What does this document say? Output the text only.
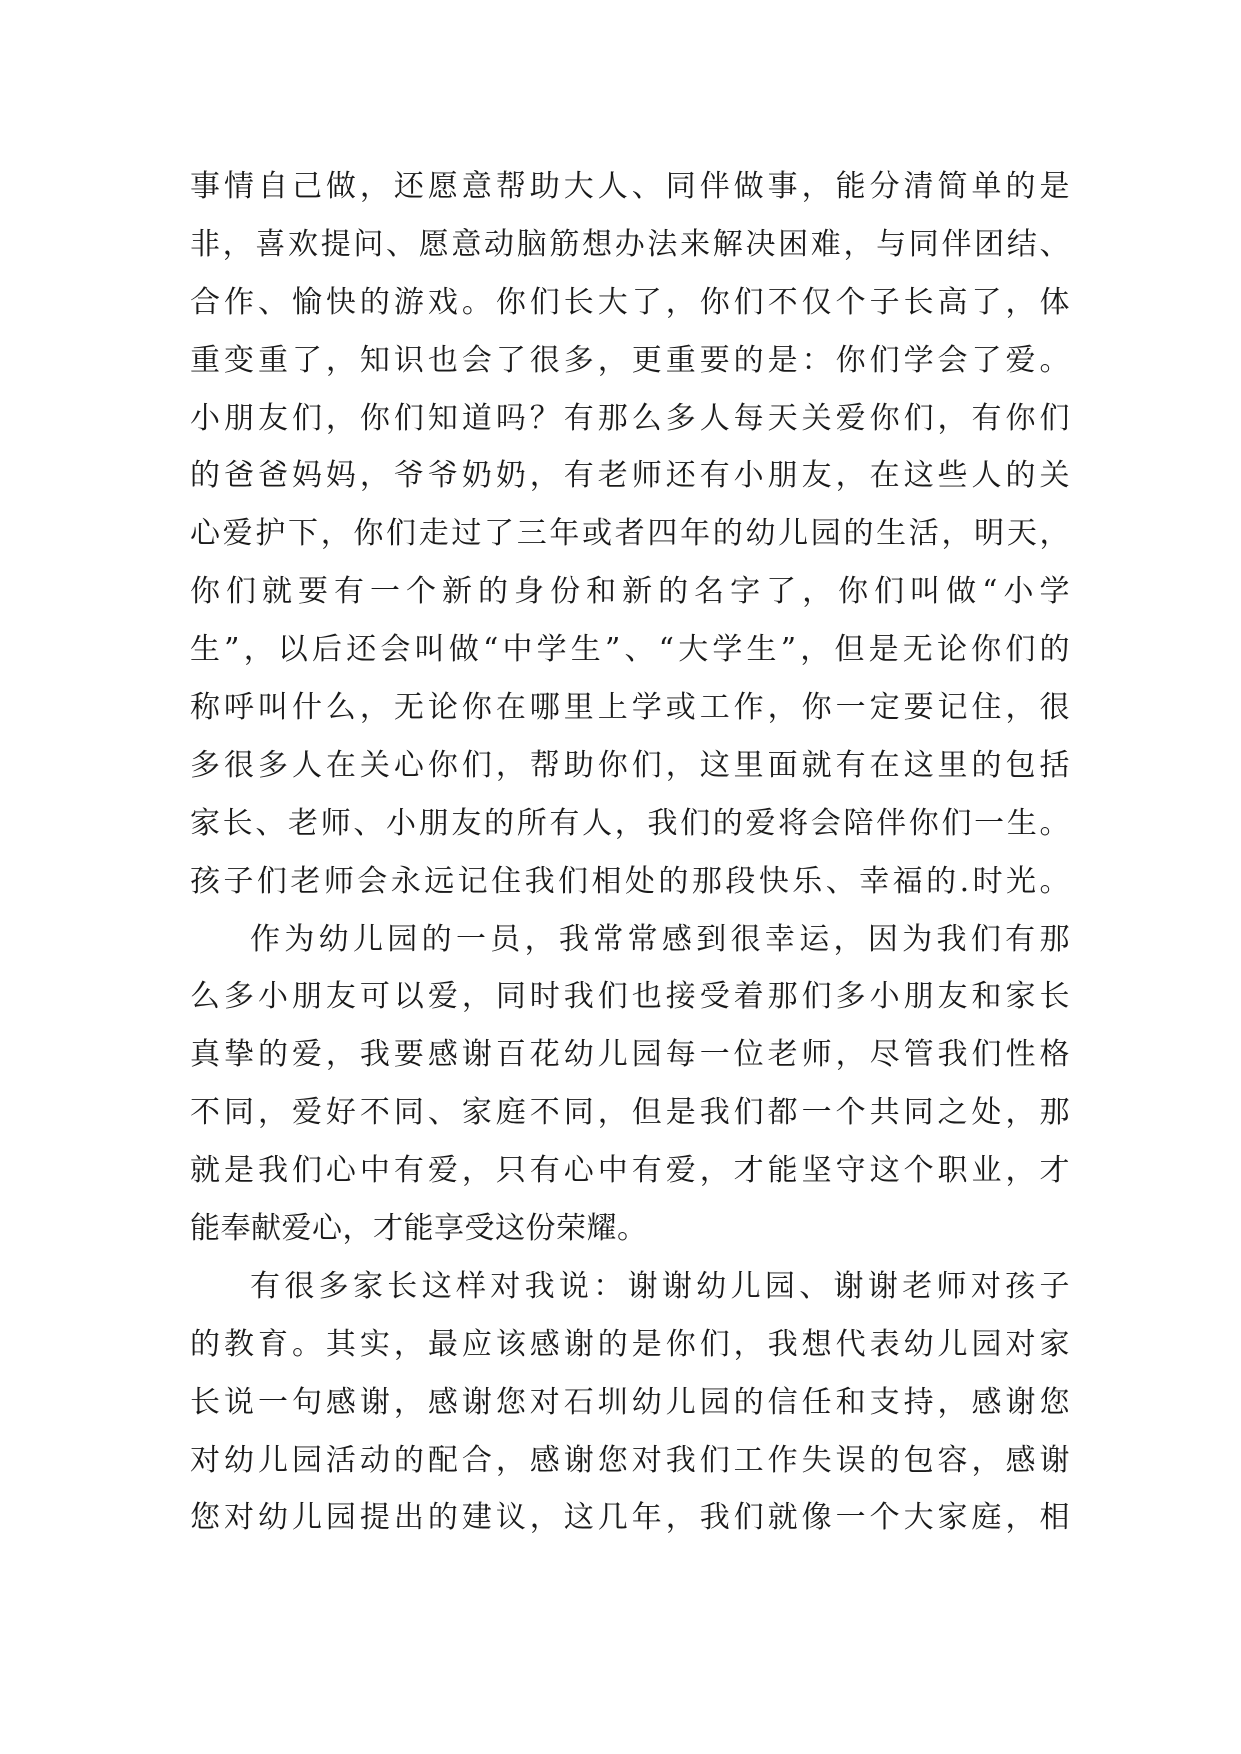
事情自己做，还愿意帮助大人、同伴做事，能分清简单的是
非，喜欢提问、愿意动脑筋想办法来解决困难，与同伴团结、
合作、愉快的游戏。你们长大了，你们不仅个子长高了，体
重变重了，知识也会了很多，更重要的是：你们学会了爱。
小朋友们，你们知道吗？有那么多人每天关爱你们，有你们
的爸爸妈妈，爷爷奶奶，有老师还有小朋友，在这些人的关
心爱护下，你们走过了三年或者四年的幼儿园的生活，明天，
你们就要有一个新的身份和新的名字了，你们叫做“小学
生”，以后还会叫做“中学生”、“大学生”，但是无论你们的
称呼叫什么，无论你在哪里上学或工作，你一定要记住，很
多很多人在关心你们，帮助你们，这里面就有在这里的包括
家长、老师、小朋友的所有人，我们的爱将会陪伴你们一生。
孩子们老师会永远记住我们相处的那段快乐、幸福的.时光。
作为幼儿园的一员，我常常感到很幸运，因为我们有那
么多小朋友可以爱，同时我们也接受着那们多小朋友和家长
真挚的爱，我要感谢百花幼儿园每一位老师，尽管我们性格
不同，爱好不同、家庭不同，但是我们都一个共同之处，那
就是我们心中有爱，只有心中有爱，才能坚守这个职业，才
能奉献爱心，才能享受这份荣耀。
有很多家长这样对我说：谢谢幼儿园、谢谢老师对孩子
的教育。其实，最应该感谢的是你们，我想代表幼儿园对家
长说一句感谢，感谢您对石圳幼儿园的信任和支持，感谢您
对幼儿园活动的配合，感谢您对我们工作失误的包容，感谢
您对幼儿园提出的建议，这几年，我们就像一个大家庭，相
